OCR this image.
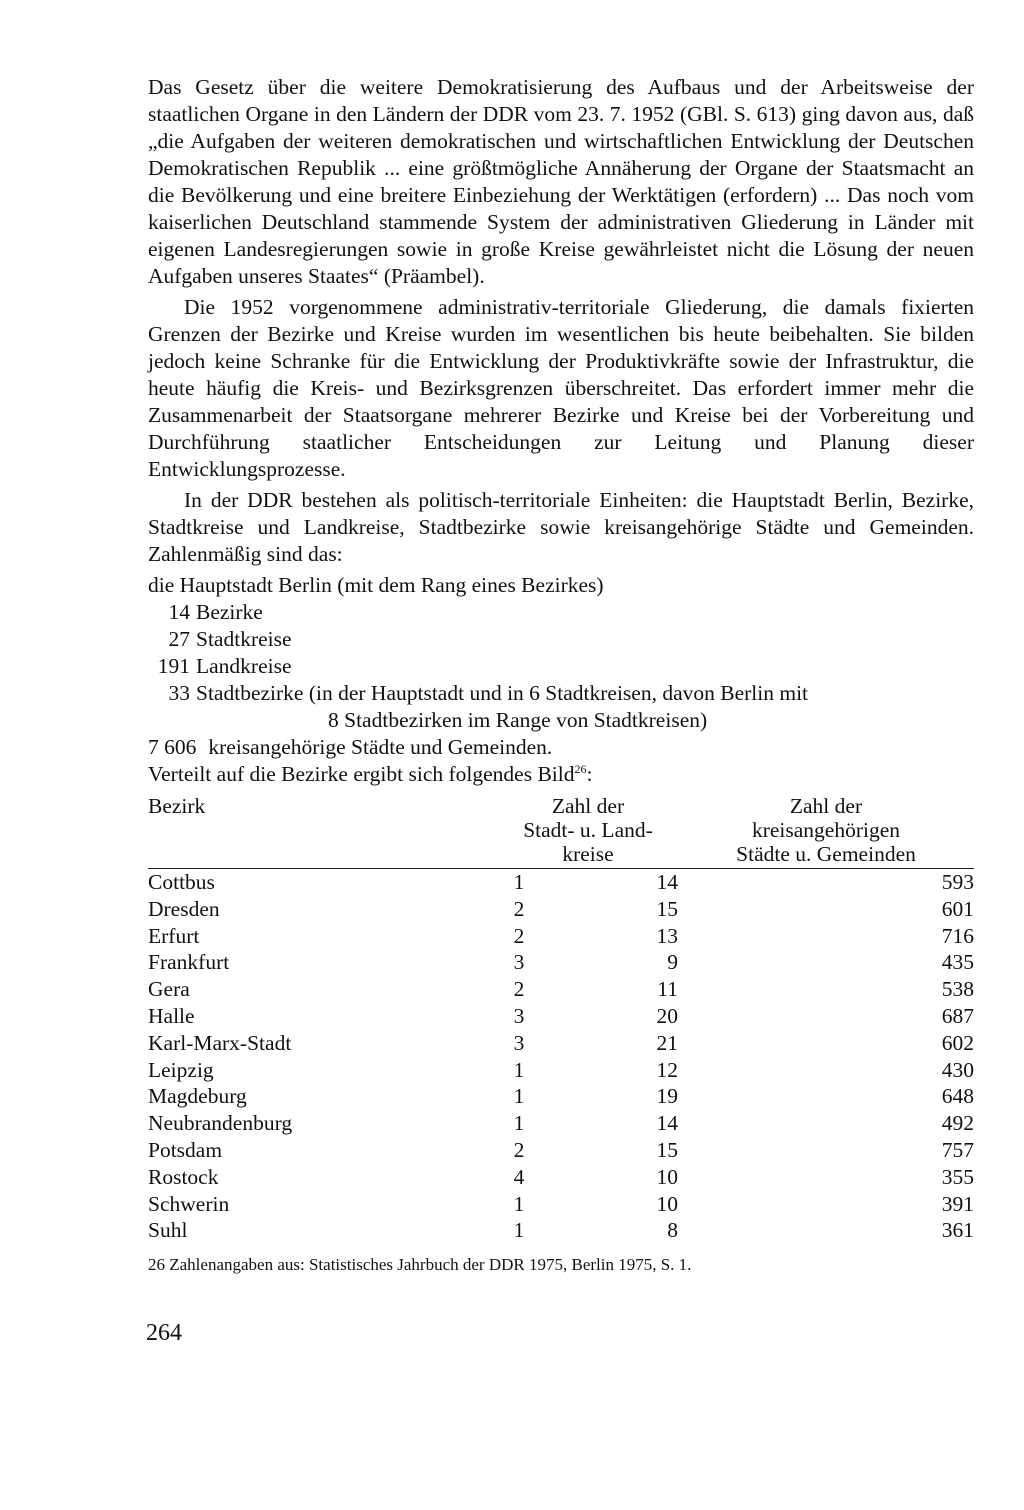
Das Gesetz über die weitere Demokratisierung des Aufbaus und der Arbeitsweise der staatlichen Organe in den Ländern der DDR vom 23. 7. 1952 (GBl. S. 613) ging davon aus, daß „die Aufgaben der weiteren demokratischen und wirtschaftlichen Entwicklung der Deutschen Demokratischen Republik ... eine größtmögliche Annäherung der Organe der Staatsmacht an die Bevölkerung und eine breitere Einbeziehung der Werktätigen (erfordern) ... Das noch vom kaiserlichen Deutschland stammende System der administrativen Gliederung in Länder mit eigenen Landesregierungen sowie in große Kreise gewährleistet nicht die Lösung der neuen Aufgaben unseres Staates“ (Präambel).

Die 1952 vorgenommene administrativ-territoriale Gliederung, die damals fixierten Grenzen der Bezirke und Kreise wurden im wesentlichen bis heute beibehalten. Sie bilden jedoch keine Schranke für die Entwicklung der Produktivkräfte sowie der Infrastruktur, die heute häufig die Kreis- und Bezirksgrenzen überschreitet. Das erfordert immer mehr die Zusammenarbeit der Staatsorgane mehrerer Bezirke und Kreise bei der Vorbereitung und Durchführung staatlicher Entscheidungen zur Leitung und Planung dieser Entwicklungsprozesse.

In der DDR bestehen als politisch-territoriale Einheiten: die Hauptstadt Berlin, Bezirke, Stadtkreise und Landkreise, Stadtbezirke sowie kreisangehörige Städte und Gemeinden. Zahlenmäßig sind das:

die Hauptstadt Berlin (mit dem Rang eines Bezirkes)

14 Bezirke
27 Stadtkreise
191 Landkreise
33 Stadtbezirke (in der Hauptstadt und in 6 Stadtkreisen, davon Berlin mit
8 Stadtbezirken im Range von Stadtkreisen)
7 606 kreisangehörige Städte und Gemeinden.

Verteilt auf die Bezirke ergibt sich folgendes Bild$^{26}$:

Bezirk	Zahl der
Stadt- u. Land-
kreise		Zahl der
kreisangehörigen
Städte u. Gemeinden

Cottbus	1	14	593
Dresden	2	15	601
Erfurt	2	13	716
Frankfurt	3	9	435
Gera	2	11	538
Halle	3	20	687
Karl-Marx-Stadt	3	21	602
Leipzig	1	12	430
Magdeburg	1	19	648
Neubrandenburg	1	14	492
Potsdam	2	15	757
Rostock	4	10	355
Schwerin	1	10	391
Suhl	1	8	361

26 Zahlenangaben aus: Statistisches Jahrbuch der DDR 1975, Berlin 1975, S. 1.

264
